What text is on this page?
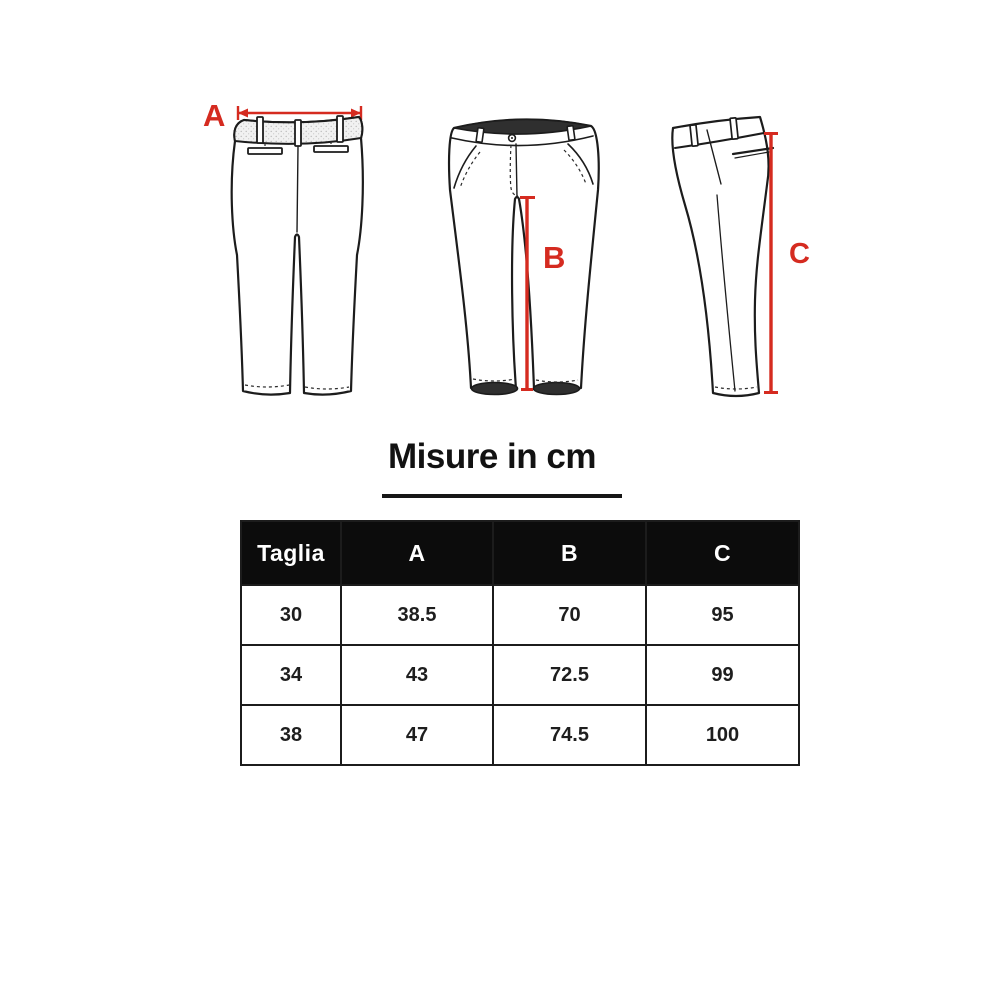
A
B	C
Misure in cm
Taglia	A	B	C
30	38.5	70	95
34	43	72.5	99
38	47	74.5	100
